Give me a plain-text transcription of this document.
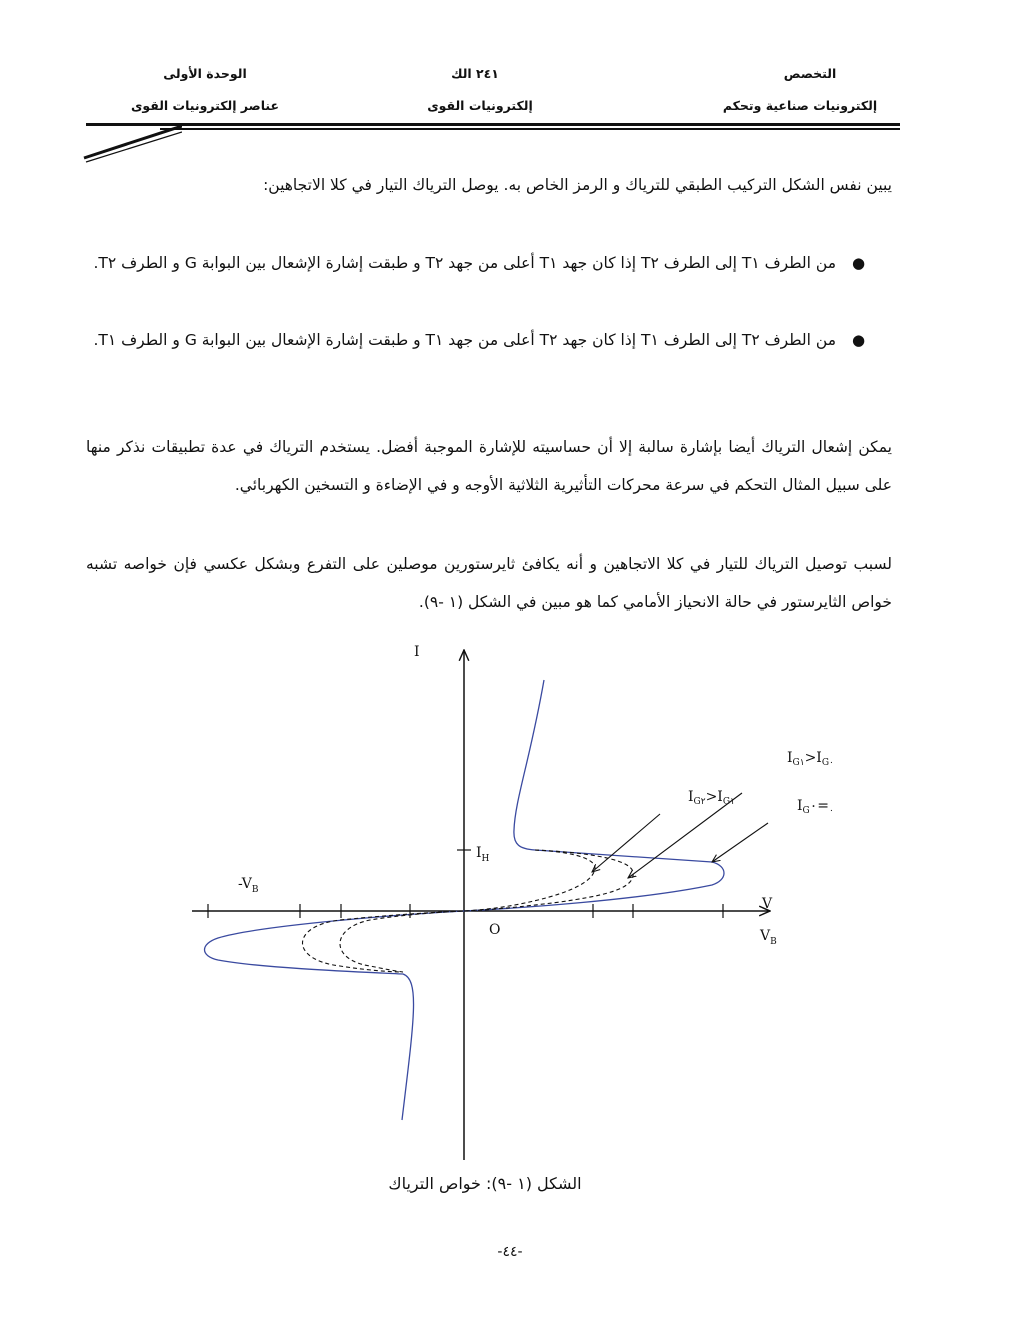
التخصص
إلكترونيات صناعية وتحكم
٢٤١ الك
إلكترونيات القوى
الوحدة الأولى
عناصر إلكترونيات القوى
يبين نفس الشكل التركيب الطبقي للترياك و الرمز الخاص به. يوصل الترياك التيار في كلا الاتجاهين:
●
من الطرف T١ إلى الطرف T٢ إذا كان جهد T١ أعلى من جهد T٢ و طبقت إشارة الإشعال بين البوابة G و الطرف T٢.
●
من الطرف T٢ إلى الطرف T١ إذا كان جهد T٢ أعلى من جهد T١ و طبقت إشارة الإشعال بين البوابة G و الطرف T١.
يمكن إشعال الترياك أيضا بإشارة سالبة إلا أن حساسيته للإشارة الموجبة أفضل. يستخدم الترياك في عدة تطبيقات نذكر منها على سبيل المثال التحكم في سرعة محركات التأثيرية الثلاثية الأوجه و في الإضاءة و التسخين الكهربائي.
لسبب توصيل الترياك للتيار في كلا الاتجاهين و أنه يكافئ ثايرستورين موصلين على التفرع وبشكل عكسي فإن خواصه تشبه خواص الثايرستور في حالة الانحياز الأمامي كما هو مبين في الشكل (١ -٩).
I
V
O
$I_H$
$V_B$
$-V_B$
$I_{G١}>I_{G٠}$
$I_{G٢}>I_{G١}$	$I_{G٠}=٠$
الشكل (١ -٩): خواص الترياك
-٤٤-
